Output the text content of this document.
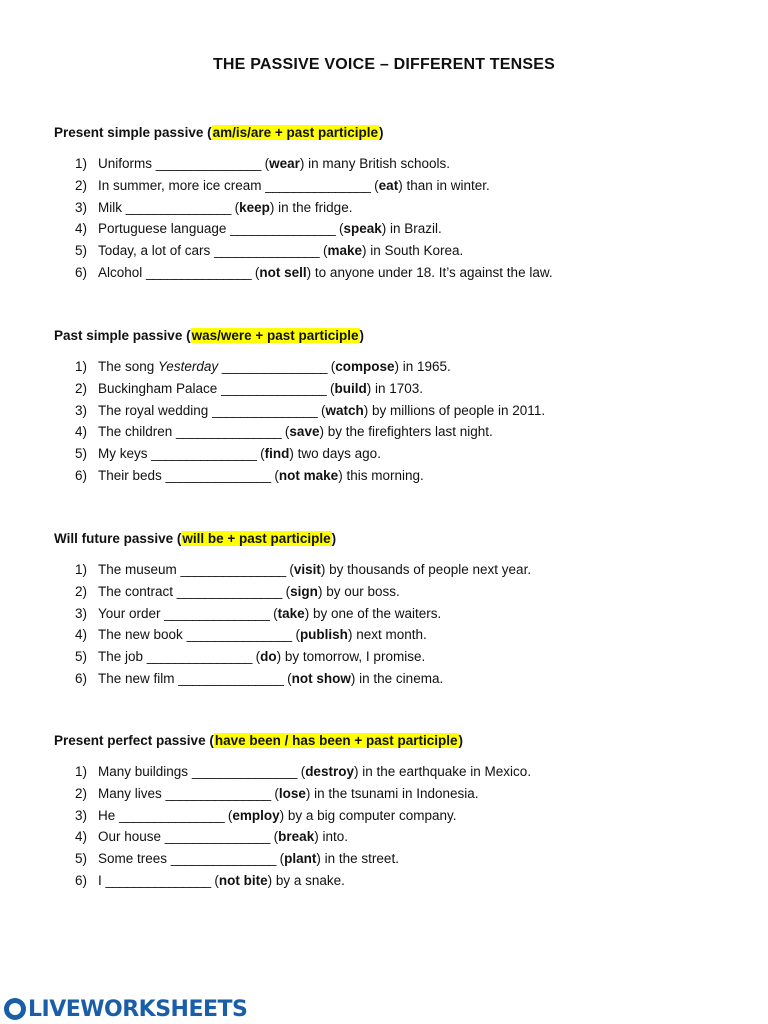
THE PASSIVE VOICE – DIFFERENT TENSES
Present simple passive (am/is/are + past participle)
1) Uniforms _______________ (wear) in many British schools.
2) In summer, more ice cream _______________ (eat) than in winter.
3) Milk _______________ (keep) in the fridge.
4) Portuguese language _______________ (speak) in Brazil.
5) Today, a lot of cars _______________ (make) in South Korea.
6) Alcohol _______________ (not sell) to anyone under 18. It’s against the law.
Past simple passive (was/were + past participle)
1) The song Yesterday _______________ (compose) in 1965.
2) Buckingham Palace _______________ (build) in 1703.
3) The royal wedding _______________ (watch) by millions of people in 2011.
4) The children _______________ (save) by the firefighters last night.
5) My keys _______________ (find) two days ago.
6) Their beds _______________ (not make) this morning.
Will future passive (will be + past participle)
1) The museum _______________ (visit) by thousands of people next year.
2) The contract _______________ (sign) by our boss.
3) Your order _______________ (take) by one of the waiters.
4) The new book _______________ (publish) next month.
5) The job _______________ (do) by tomorrow, I promise.
6) The new film _______________ (not show) in the cinema.
Present perfect passive (have been / has been + past participle)
1) Many buildings _______________ (destroy) in the earthquake in Mexico.
2) Many lives _______________ (lose) in the tsunami in Indonesia.
3) He _______________ (employ) by a big computer company.
4) Our house _______________ (break) into.
5) Some trees _______________ (plant) in the street.
6) I _______________ (not bite) by a snake.
LIVEWORKSHEETS
